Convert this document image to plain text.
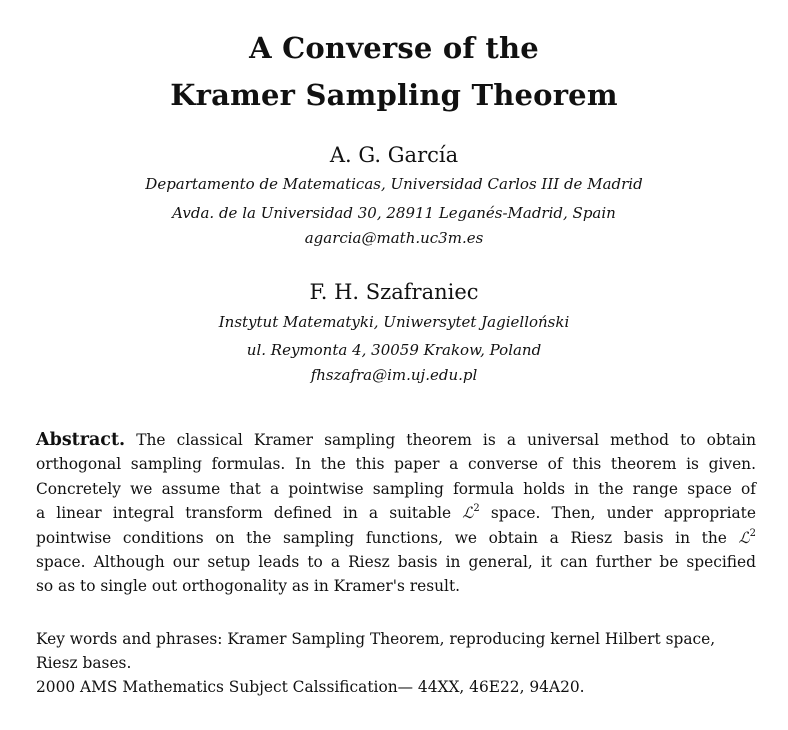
A Converse of the
Kramer Sampling Theorem
A. G. García
Departamento de Matematicas, Universidad Carlos III de Madrid
Avda. de la Universidad 30, 28911 Leganés-Madrid, Spain
agarcia@math.uc3m.es
F. H. Szafraniec
Instytut Matematyki, Uniwersytet Jagielloński
ul. Reymonta 4, 30059 Krakow, Poland
fhszafra@im.uj.edu.pl
Abstract. The classical Kramer sampling theorem is a universal method to obtain
orthogonal sampling formulas. In the this paper a converse of this theorem is given.
Concretely we assume that a pointwise sampling formula holds in the range space of
a linear integral transform defined in a suitable ℒ$^2$ space. Then, under appropriate
pointwise conditions on the sampling functions, we obtain a Riesz basis in the ℒ$^2$
space. Although our setup leads to a Riesz basis in general, it can further be specified
so as to single out orthogonality as in Kramer's result.
Key words and phrases: Kramer Sampling Theorem, reproducing kernel Hilbert space,
Riesz bases.
2000 AMS Mathematics Subject Calssification— 44XX, 46E22, 94A20.
